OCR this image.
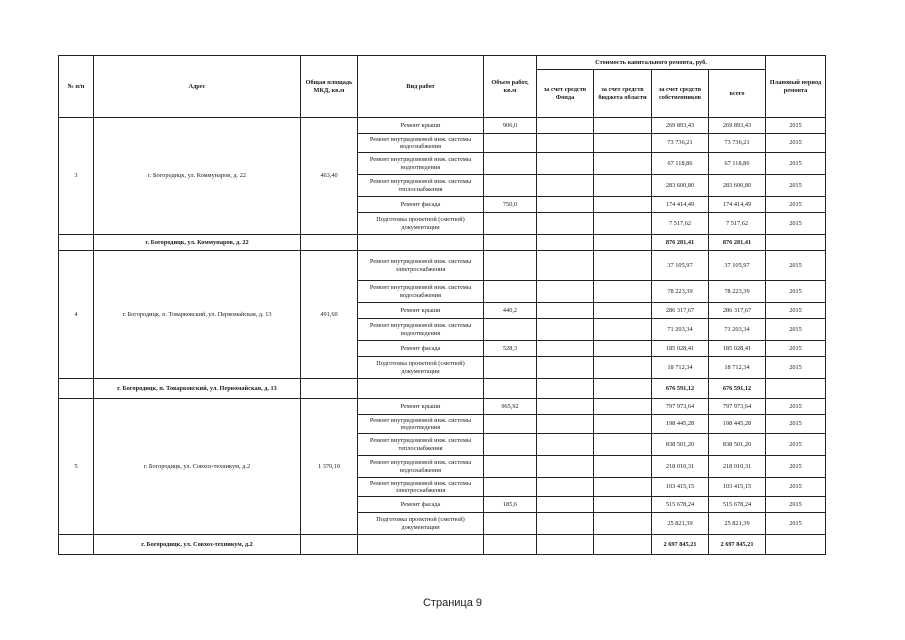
№ п/п	Адрес	Общая площадь МКД, кв.м	Вид работ	Объем работ, кв.м	Стоимость капитального ремонта, руб.				Плановый период ремонта
					за счет средств Фонда	за счет средств бюджета области	за счет средств собственников	всего	
3	г. Богородицк, ул. Коммунаров, д. 22	463,40	Ремонт крыши	906,0			269 893,43	269 893,43	2015
			Ремонт внутридомовой инж. системы водоснабжения				73 736,21	73 736,21	2015
			Ремонт внутридомовой инж. системы водоотведения				67 118,86	67 118,86	2015
			Ремонт внутридомовой инж. системы теплоснабжения				283 600,80	283 600,80	2015
			Ремонт фасада	750,0			174 414,49	174 414,49	2015
			Подготовка проектной (сметной) документации				7 517,62	7 517,62	2015
	г. Богородицк, ул. Коммунаров, д. 22						876 281,41	876 281,41	
4	г. Богородицк, п. Товарковский, ул. Первомайская, д. 13	491,60	Ремонт внутридомовой инж. системы электроснабжения				37 105,97	37 105,97	2015
			Ремонт внутридомовой инж. системы водоснабжения				78 223,39	78 223,39	2015
			Ремонт крыши	440,2			286 317,67	286 317,67	2015
			Ремонт внутридомовой инж. системы водоотведения				71 203,34	71 203,34	2015
			Ремонт фасада	528,3			185 028,41	185 028,41	2015
			Подготовка проектной (сметной) документации				18 712,34	18 712,34	2015
	г. Богородицк, п. Товарковский, ул. Первомайская, д. 13						676 591,12	676 591,12	
5	г. Богородицк, ул. Совхоз-техникум, д.2	1 370,10	Ремонт крыши	965,92			797 973,64	797 973,64	2015
			Ремонт внутридомовой инж. системы водоотведения				198 445,28	198 445,28	2015
			Ремонт внутридомовой инж. системы теплоснабжения				838 501,20	838 501,20	2015
			Ремонт внутридомовой инж. системы водоснабжения				218 010,31	218 010,31	2015
			Ремонт внутридомовой инж. системы электроснабжения				103 415,15	103 415,15	2015
			Ремонт фасада	185,6			515 678,24	515 678,24	2015
			Подготовка проектной (сметной) документации				25 821,39	25 821,39	2015
	г. Богородицк, ул. Совхоз-техникум, д.2						2 697 845,21	2 697 845,21	
Страница 9
